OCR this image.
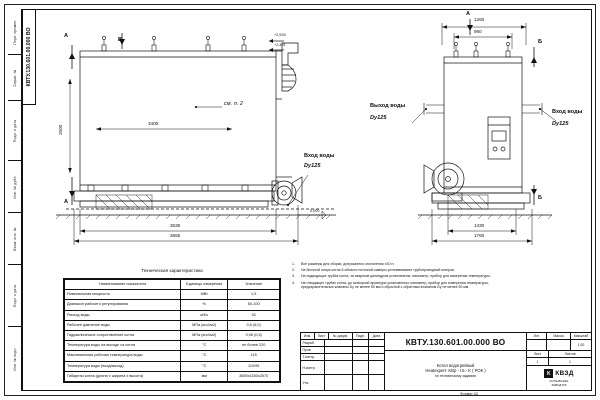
Перв. примен.
Справ. №
Подп. и дата
Инв. № дубл.
Взам. инв. №
Подп. и дата
Инв. № подл.
КВТУ.130.601.00.000 ВО	В
А
А
см. п. 2
3400
2500
3535
3655
+2,539
+2,491
0,000
Вход воды
Dy125
А
Б
Б
1260
960
1430
1760
Выход воды
Dy125
Вход воды
Dy125
Техническая характеристика
Наименование показателя	Единицы измерения	Значение
Номинальная мощность	МВт	1,5
Диапазон рабочего регулирования	%	50-100
Расход воды	м3/ч	52
Рабочее давление воды	МПа (кгс/см2)	0,6 (6,0)
Гидравлическое сопротивление котла	МПа (кгс/см2)	0,06 (0,6)
Температура воды на выходе из котла	°С	не более 220
Максимальная рабочая температура воды	°С	115
Температура воды (вход/выход)	°С	110/95
Габариты котла (длина х ширина х высота)	мм	3655х1530х2570
1.	Все размеры для сборки, допускаются отклонения ±30 гг.
2.	На блочной опоре котла 8 области поточной камеры устанавливают трубопроводный шнеров.
3.	На подводящих трубах котла, за сварным цилиндром установлены: манометр, прибор для измерения температуры.
4.	На отводящих трубах котла, до затворной арматуры установлены: манометр, прибор для измерения температуры, предохранительные клапаны Dу не менее 50 мм и сбросной с обратным клапаном Dу не менее 50 мм.
Изм.	Лист	№ докум.	Подп.	Дата
Разраб.
Пров.
Т.контр.
Н.контр.
Утв.
КВТУ.130.601.00.000 ВО
Лит.	Масса	Масштаб
1:20
Котел водогрейный
Heatexpert- KBp - l.5.- K ( РОК )
по техническому заданию
Лист	Листов
1	1
K КВЗД
КОТЕЛЬНЫЕ
ЗАВОД РФ
Формат А3
